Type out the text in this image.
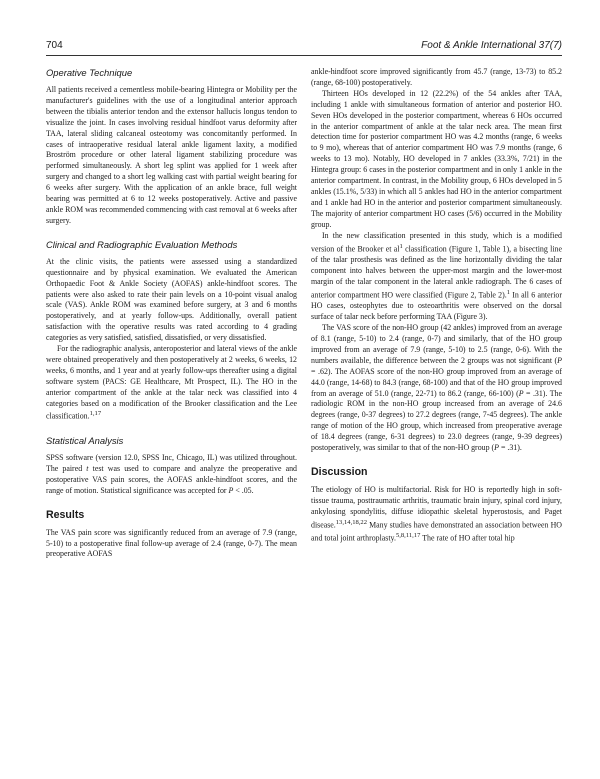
704	Foot & Ankle International 37(7)
Operative Technique

All patients received a cementless mobile-bearing Hintegra or Mobility per the manufacturer's guidelines with the use of a longitudinal anterior approach between the tibialis anterior tendon and the extensor hallucis longus tendon to visualize the joint. In cases involving residual hindfoot varus deformity after TAA, lateral sliding calcaneal osteotomy was concomitantly performed. In cases of intraoperative residual lateral ankle ligament laxity, a modified Broström procedure or other lateral ligament stabilizing procedure was performed simultaneously. A short leg splint was applied for 1 week after surgery and changed to a short leg walking cast with partial weight bearing for 6 weeks after surgery. With the application of an ankle brace, full weight bearing was permitted at 6 to 12 weeks postoperatively. Active and passive ankle ROM was recommended commencing with cast removal at 6 weeks after surgery.

Clinical and Radiographic Evaluation Methods

At the clinic visits, the patients were assessed using a standardized questionnaire and by physical examination. We evaluated the American Orthopaedic Foot & Ankle Society (AOFAS) ankle-hindfoot scores. The patients were also asked to rate their pain levels on a 10-point visual analog scale (VAS). Ankle ROM was examined before surgery, at 3 and 6 months postoperatively, and at yearly follow-ups. Additionally, overall patient satisfaction with the operative results was rated according to 4 grading categories as very satisfied, satisfied, dissatisfied, or very dissatisfied.

For the radiographic analysis, anteroposterior and lateral views of the ankle were obtained preoperatively and then postoperatively at 2 weeks, 6 weeks, 12 weeks, 6 months, and 1 year and at yearly follow-ups thereafter using a digital software system (PACS: GE Healthcare, Mt Prospect, IL). The HO in the anterior compartment of the ankle at the talar neck was classified into 4 categories based on a modification of the Brooker classification and the Lee classification.$^{1,17}$

Statistical Analysis

SPSS software (version 12.0, SPSS Inc, Chicago, IL) was utilized throughout. The paired t test was used to compare and analyze the preoperative and postoperative VAS pain scores, the AOFAS ankle-hindfoot scores, and the range of motion. Statistical significance was accepted for P < .05.

Results

The VAS pain score was significantly reduced from an average of 7.9 (range, 5-10) to a postoperative final follow-up average of 2.4 (range, 0-7). The mean preoperative AOFAS

ankle-hindfoot score improved significantly from 45.7 (range, 13-73) to 85.2 (range, 68-100) postoperatively.

Thirteen HOs developed in 12 (22.2%) of the 54 ankles after TAA, including 1 ankle with simultaneous formation of anterior and posterior HO. Seven HOs developed in the posterior compartment, whereas 6 HOs occurred in the anterior compartment of ankle at the talar neck area. The mean first detection time for posterior compartment HO was 4.2 months (range, 6 weeks to 9 mo), whereas that of anterior compartment HO was 7.9 months (range, 6 weeks to 13 mo). Notably, HO developed in 7 ankles (33.3%, 7/21) in the Hintegra group: 6 cases in the posterior compartment and in only 1 ankle in the anterior compartment. In contrast, in the Mobility group, 6 HOs developed in 5 ankles (15.1%, 5/33) in which all 5 ankles had HO in the anterior compartment and 1 ankle had HO in the anterior and posterior compartment simultaneously. The majority of anterior compartment HO cases (5/6) occurred in the Mobility group.

In the new classification presented in this study, which is a modified version of the Brooker et $al^1$ classification (Figure 1, Table 1), a bisecting line of the talar prosthesis was defined as the line horizontally dividing the talar component into halves between the upper-most margin and the lower-most margin of the talar component in the lateral ankle radiograph. The 6 cases of anterior compartment HO were classified (Figure 2, Table 2).$^1$ In all 6 anterior HO cases, osteophytes due to osteoarthritis were observed on the dorsal surface of talar neck before performing TAA (Figure 3).

The VAS score of the non-HO group (42 ankles) improved from an average of 8.1 (range, 5-10) to 2.4 (range, 0-7) and similarly, that of the HO group improved from an average of 7.9 (range, 5-10) to 2.5 (range, 0-6). With the numbers available, the difference between the 2 groups was not significant (P = .62). The AOFAS score of the non-HO group improved from an average of 44.0 (range, 14-68) to 84.3 (range, 68-100) and that of the HO group improved from an average of 51.0 (range, 22-71) to 86.2 (range, 66-100) (P = .31). The radiologic ROM in the non-HO group increased from an average of 24.6 degrees (range, 0-37 degrees) to 27.2 degrees (range, 7-45 degrees). The ankle range of motion of the HO group, which increased from preoperative average of 18.4 degrees (range, 6-31 degrees) to 23.0 degrees (range, 9-39 degrees) postoperatively, was similar to that of the non-HO group (P = .31).

Discussion

The etiology of HO is multifactorial. Risk for HO is reportedly high in soft-tissue trauma, posttraumatic arthritis, traumatic brain injury, spinal cord injury, ankylosing spondylitis, diffuse idiopathic skeletal hyperostosis, and Paget disease.$^{13,14,18,22}$ Many studies have demonstrated an association between HO and total joint arthroplasty.$^{5,8,11,17}$ The rate of HO after total hip
